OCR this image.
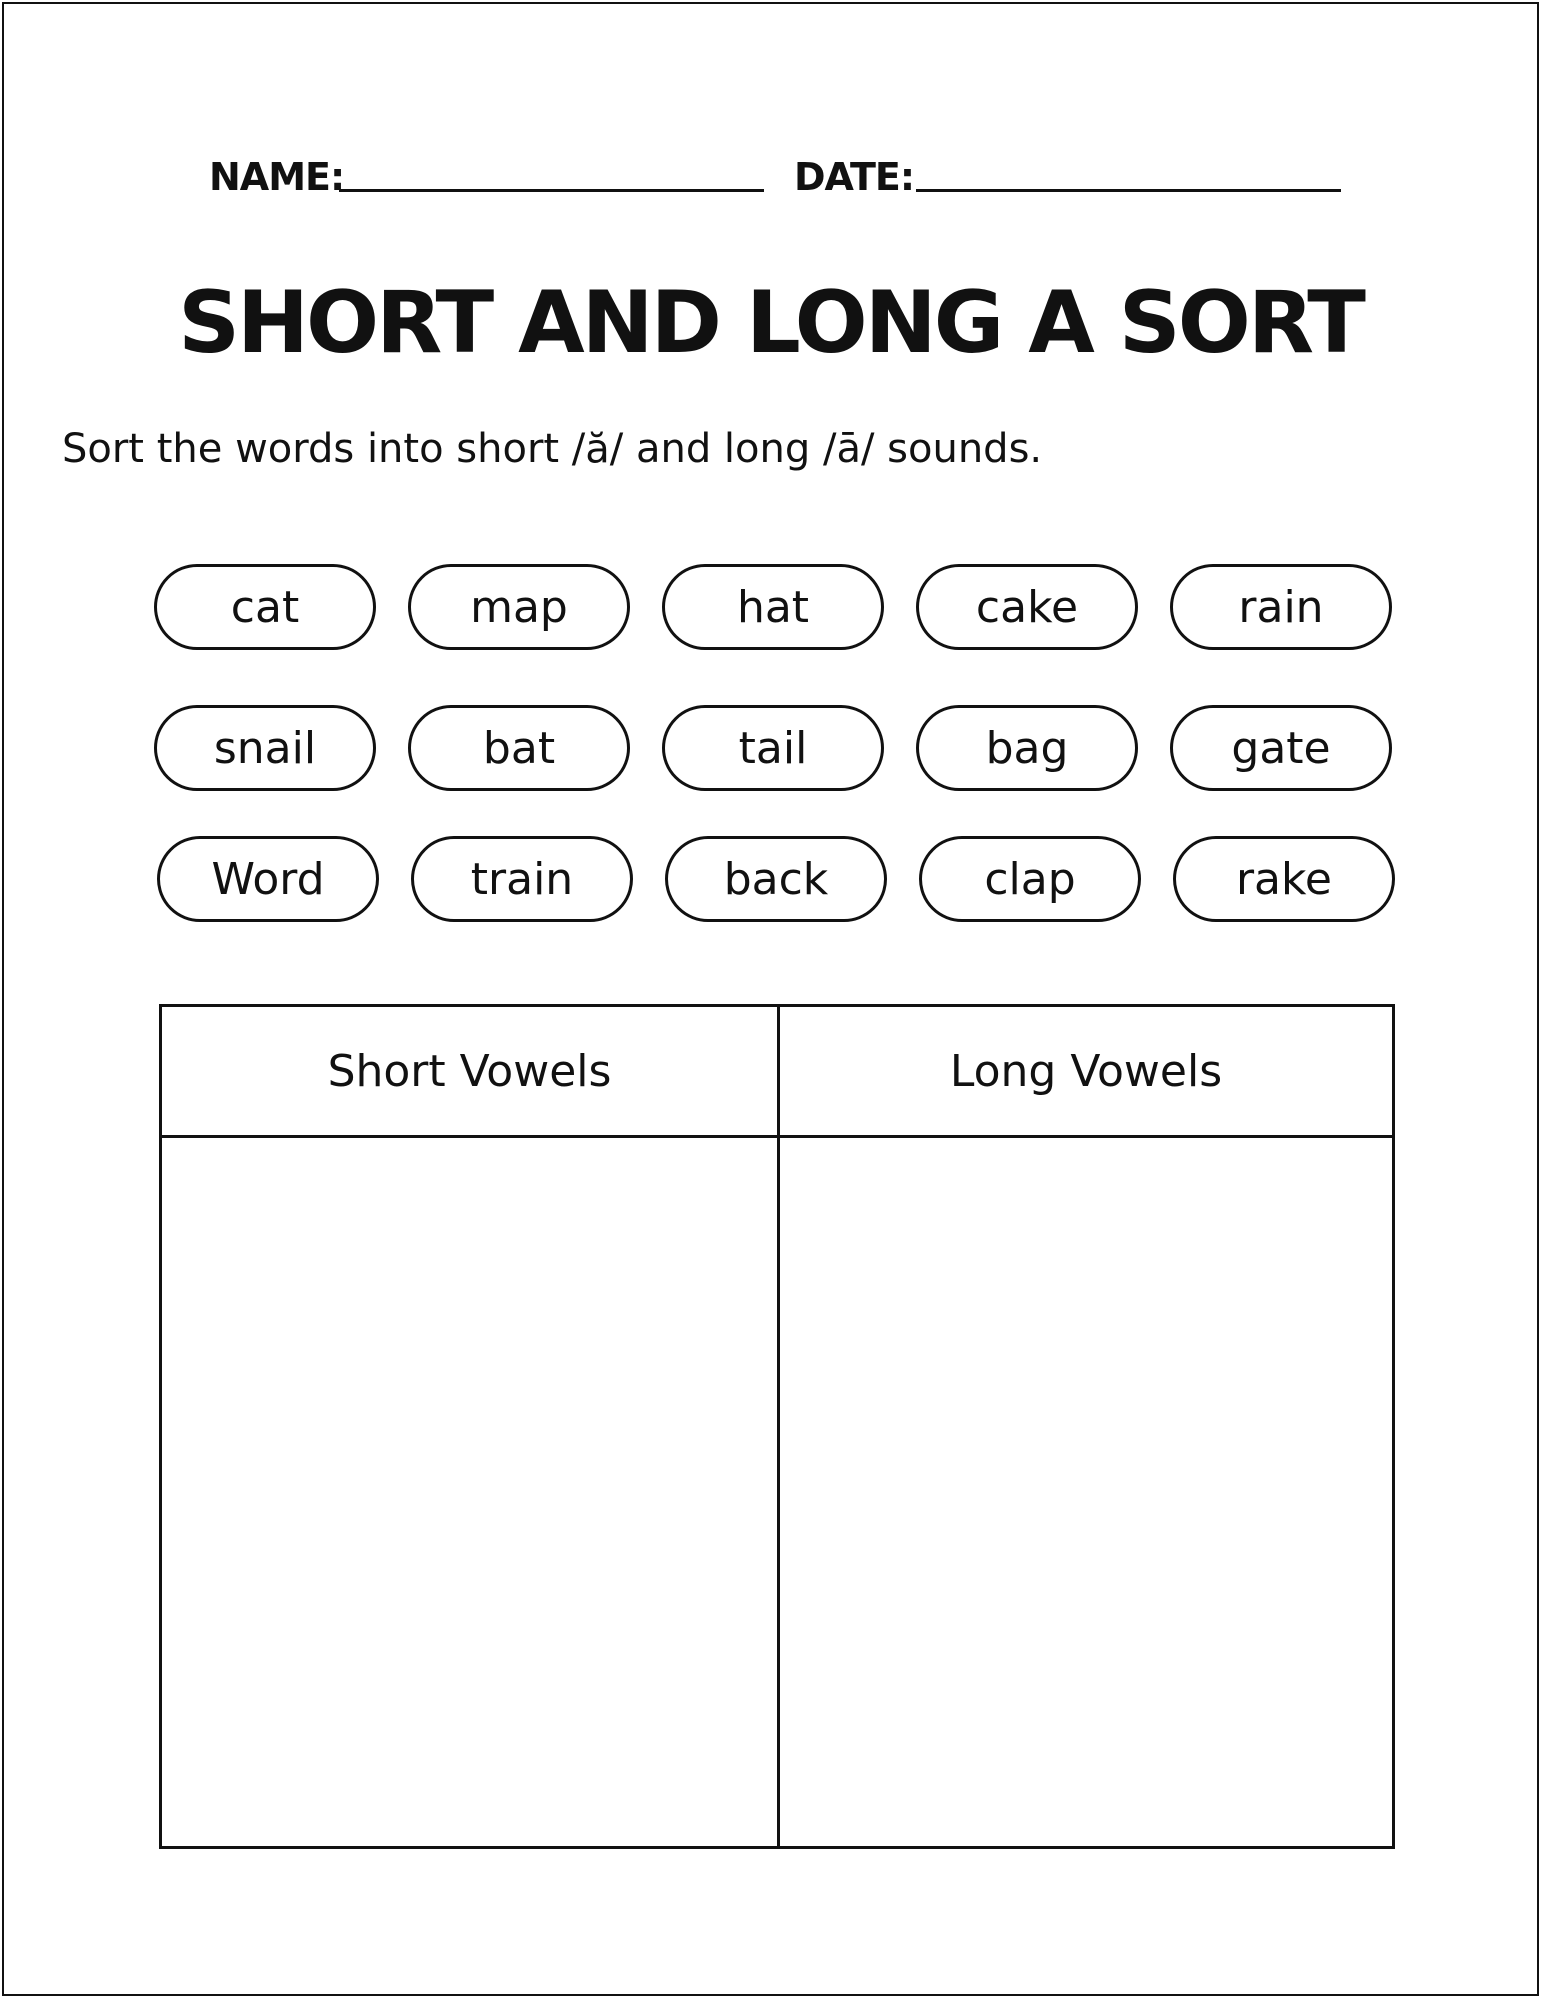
NAME:	DATE:
SHORT AND LONG A SORT
Sort the words into short /ă/ and long /ā/ sounds.
cat	map	hat	cake	rain
snail	bat	tail	bag	gate
Word	train	back	clap	rake
Short Vowels	Long Vowels
